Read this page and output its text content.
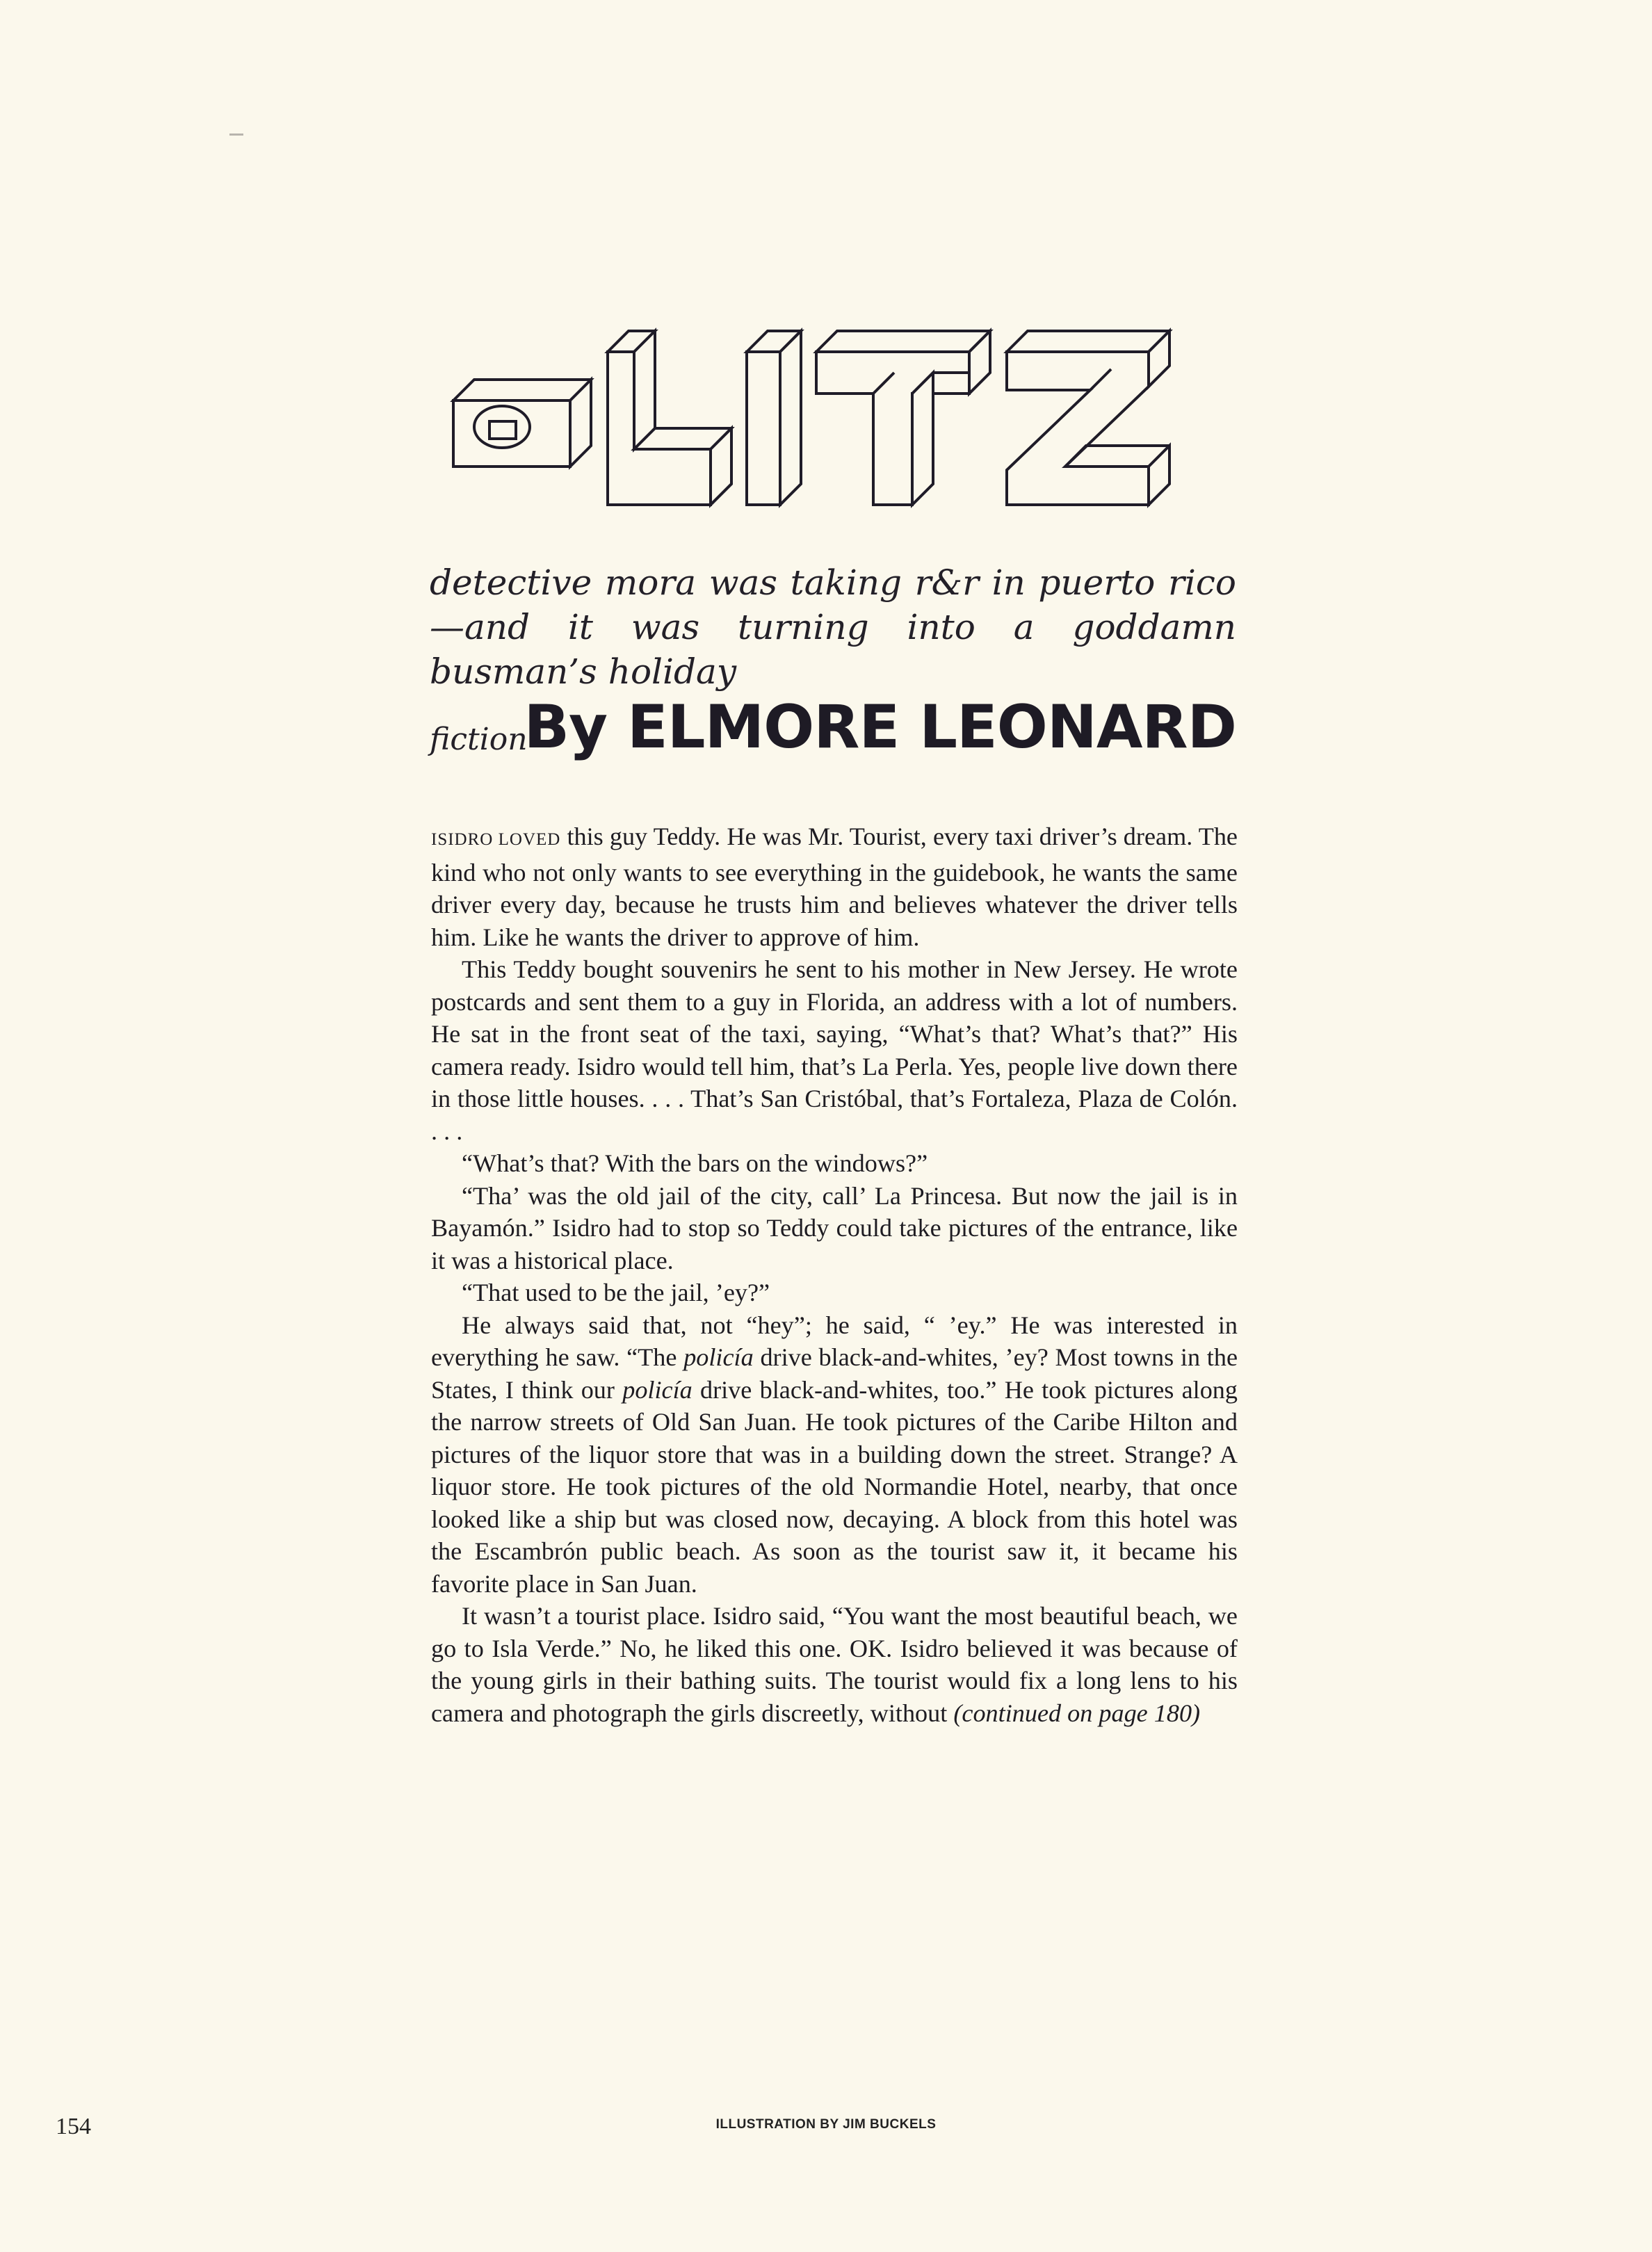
detective mora was taking r&r in puerto rico—and it was turning into a goddamn busman’s holiday
fiction
By ELMORE LEONARD

ISIDRO LOVED this guy Teddy. He was Mr. Tourist, every taxi driver’s dream. The kind who not only wants to see everything in the guidebook, he wants the same driver every day, because he trusts him and believes whatever the driver tells him. Like he wants the driver to approve of him.

This Teddy bought souvenirs he sent to his mother in New Jersey. He wrote postcards and sent them to a guy in Florida, an address with a lot of numbers. He sat in the front seat of the taxi, saying, “What’s that? What’s that?” His camera ready. Isidro would tell him, that’s La Perla. Yes, people live down there in those little houses. . . . That’s San Cristóbal, that’s Fortaleza, Plaza de Colón. . . .

“What’s that? With the bars on the windows?”

“Tha’ was the old jail of the city, call’ La Princesa. But now the jail is in Bayamón.” Isidro had to stop so Teddy could take pictures of the entrance, like it was a historical place.

“That used to be the jail, ’ey?”

He always said that, not “hey”; he said, “ ’ey.” He was interested in everything he saw. “The policía drive black-and-whites, ’ey? Most towns in the States, I think our policía drive black-and-whites, too.” He took pictures along the narrow streets of Old San Juan. He took pictures of the Caribe Hilton and pictures of the liquor store that was in a building down the street. Strange? A liquor store. He took pictures of the old Normandie Hotel, nearby, that once looked like a ship but was closed now, decaying. A block from this hotel was the Escambrón public beach. As soon as the tourist saw it, it became his favorite place in San Juan.

It wasn’t a tourist place. Isidro said, “You want the most beautiful beach, we go to Isla Verde.” No, he liked this one. OK. Isidro believed it was because of the young girls in their bathing suits. The tourist would fix a long lens to his camera and photograph the girls discreetly, without (continued on page 180)

154	ILLUSTRATION BY JIM BUCKELS
